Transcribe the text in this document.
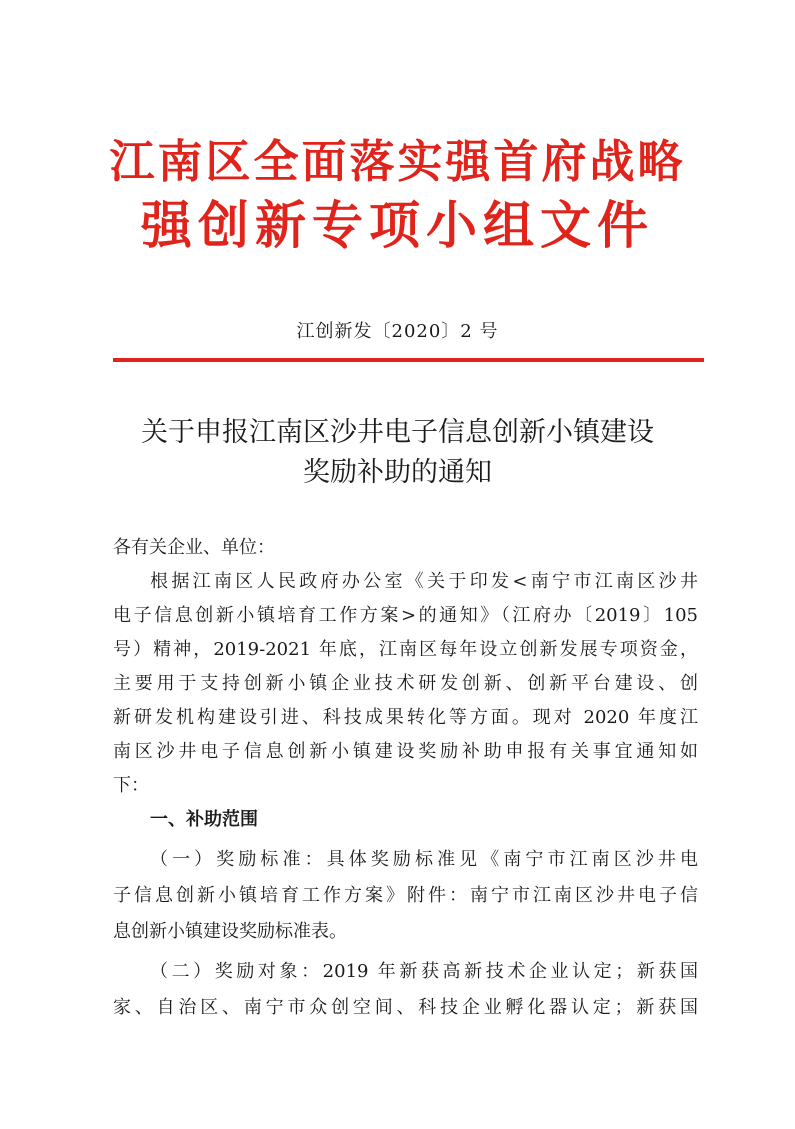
江南区全面落实强首府战略
强创新专项小组文件
江创新发〔2020〕2 号
关于申报江南区沙井电子信息创新小镇建设
奖励补助的通知
各有关企业、单位：
根据江南区人民政府办公室《关于印发<南宁市江南区沙井
电子信息创新小镇培育工作方案>的通知》（江府办〔2019〕105
号）精神，2019-2021 年底，江南区每年设立创新发展专项资金，
主要用于支持创新小镇企业技术研发创新、创新平台建设、创
新研发机构建设引进、科技成果转化等方面。现对 2020 年度江
南区沙井电子信息创新小镇建设奖励补助申报有关事宜通知如
下：
一、补助范围
（一）奖励标准：具体奖励标准见《南宁市江南区沙井电
子信息创新小镇培育工作方案》附件：南宁市江南区沙井电子信
息创新小镇建设奖励标准表。
（二）奖励对象：2019 年新获高新技术企业认定；新获国
家、自治区、南宁市众创空间、科技企业孵化器认定；新获国
